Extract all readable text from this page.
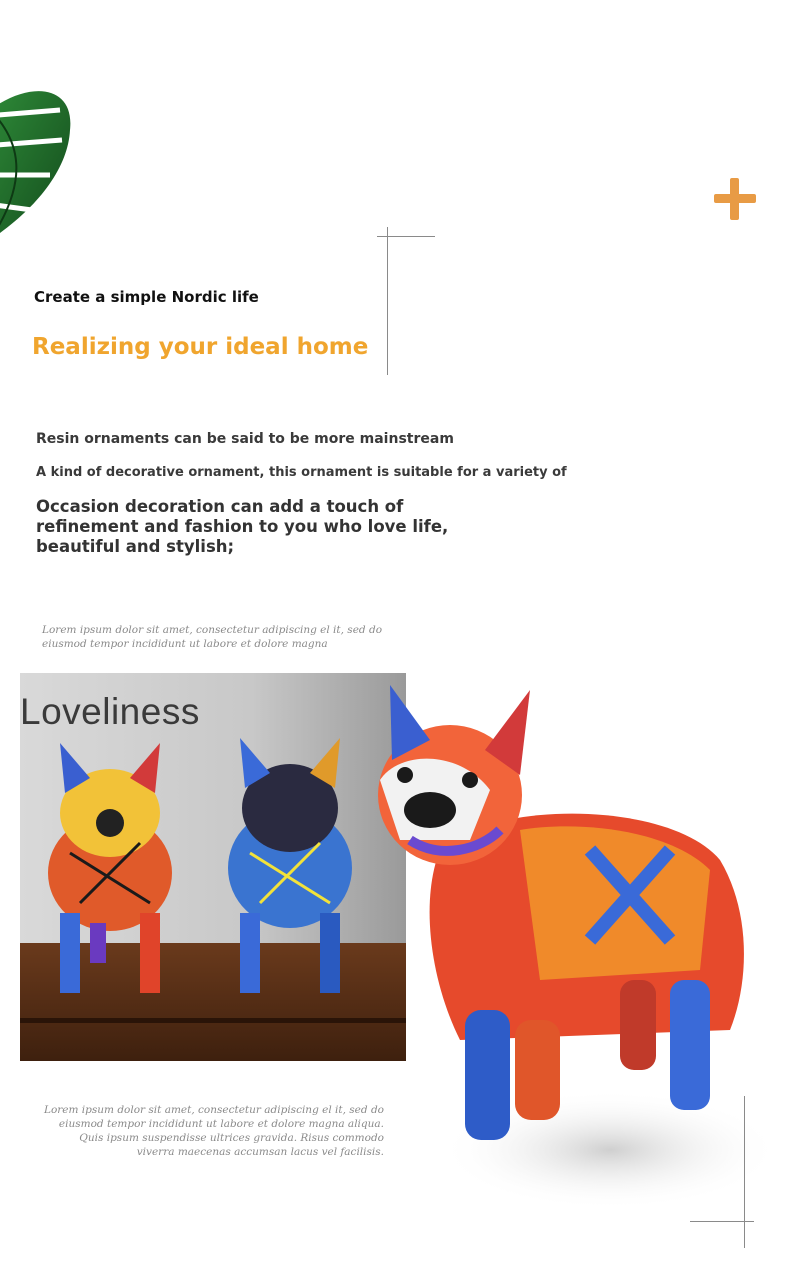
Create a simple Nordic life
Realizing your ideal home
Resin ornaments can be said to be more mainstream
A kind of decorative ornament, this ornament is suitable for a variety of
Occasion decoration can add a touch of refinement and fashion to you who love life, beautiful and stylish;
Lorem ipsum dolor sit amet, consectetur adipiscing el it, sed do eiusmod tempor incididunt ut labore et dolore magna
Loveliness
Lorem ipsum dolor sit amet, consectetur adipiscing el it, sed do eiusmod tempor incididunt ut labore et dolore magna aliqua. Quis ipsum suspendisse ultrices gravida. Risus commodo viverra maecenas accumsan lacus vel facilisis.
